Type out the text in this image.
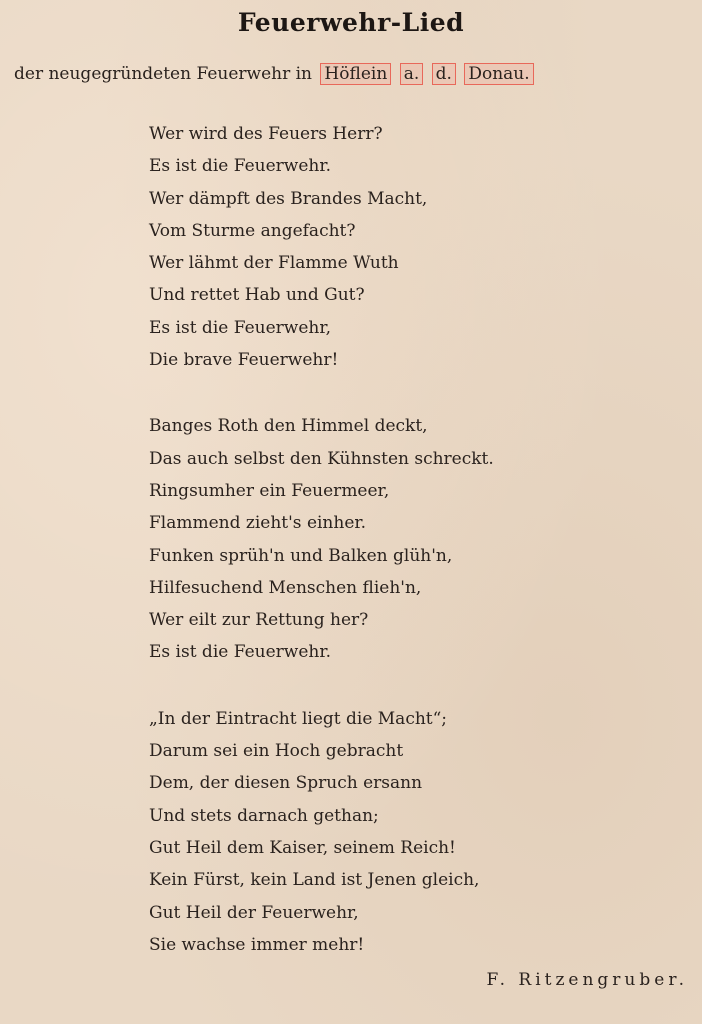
Feuerwehr-Lied
der neugegründeten Feuerwehr in Höflein a. d. Donau.
Wer wird des Feuers Herr?
Es ist die Feuerwehr.
Wer dämpft des Brandes Macht,
Vom Sturme angefacht?
Wer lähmt der Flamme Wuth
Und rettet Hab und Gut?
Es ist die Feuerwehr,
Die brave Feuerwehr!
Banges Roth den Himmel deckt,
Das auch selbst den Kühnsten schreckt.
Ringsumher ein Feuermeer,
Flammend zieht's einher.
Funken sprüh'n und Balken glüh'n,
Hilfesuchend Menschen flieh'n,
Wer eilt zur Rettung her?
Es ist die Feuerwehr.
„In der Eintracht liegt die Macht“;
Darum sei ein Hoch gebracht
Dem, der diesen Spruch ersann
Und stets darnach gethan;
Gut Heil dem Kaiser, seinem Reich!
Kein Fürst, kein Land ist Jenen gleich,
Gut Heil der Feuerwehr,
Sie wachse immer mehr!
F. Ritzengruber.
